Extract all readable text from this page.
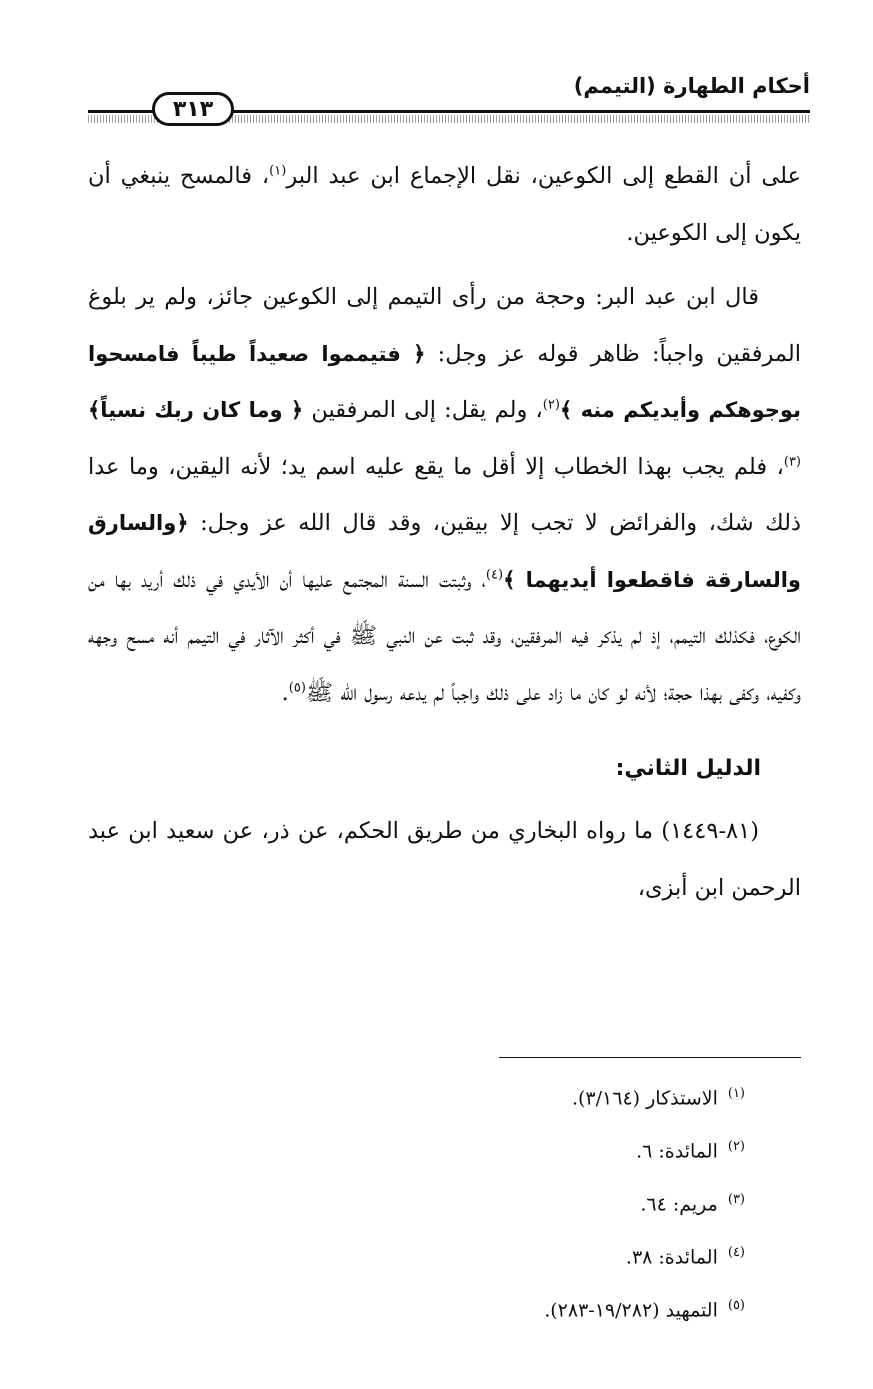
أحكام الطهارة (التيمم)
٣١٣

على أن القطع إلى الكوعين، نقل الإجماع ابن عبد البر$^{(١)}$، فالمسح ينبغي أن يكون إلى الكوعين.

قال ابن عبد البر: وحجة من رأى التيمم إلى الكوعين جائز، ولم ير بلوغ المرفقين واجباً: ظاهر قوله عز وجل: ﴿ فتيمموا صعيداً طيباً فامسحوا بوجوهكم وأيديكم منه ﴾$^{(٢)}$، ولم يقل: إلى المرفقين ﴿ وما كان ربك نسياً﴾$^{(٣)}$، فلم يجب بهذا الخطاب إلا أقل ما يقع عليه اسم يد؛ لأنه اليقين، وما عدا ذلك شك، والفرائض لا تجب إلا بيقين، وقد قال الله عز وجل: ﴿والسارق والسارقة فاقطعوا أيديهما ﴾$^{(٤)}$، وثبتت السنة المجتمع عليها أن الأيدي في ذلك أريد بها من الكوع، فكذلك التيمم، إذ لم يذكر فيه المرفقين، وقد ثبت عن النبي ﷺ في أكثر الآثار في التيمم أنه مسح وجهه وكفيه، وكفى بهذا حجة؛ لأنه لو كان ما زاد على ذلك واجباً لم يدعه رسول الله ﷺ$^{(٥)}$.

الدليل الثاني:

(٨١-١٤٤٩) ما رواه البخاري من طريق الحكم، عن ذر، عن سعيد ابن عبد الرحمن ابن أبزى،

$^{(١)}$الاستذكار (٣/١٦٤).
$^{(٢)}$المائدة: ٦.
$^{(٣)}$مريم: ٦٤.
$^{(٤)}$المائدة: ٣٨.
$^{(٥)}$التمهيد (١٩/٢٨٢-٢٨٣).
